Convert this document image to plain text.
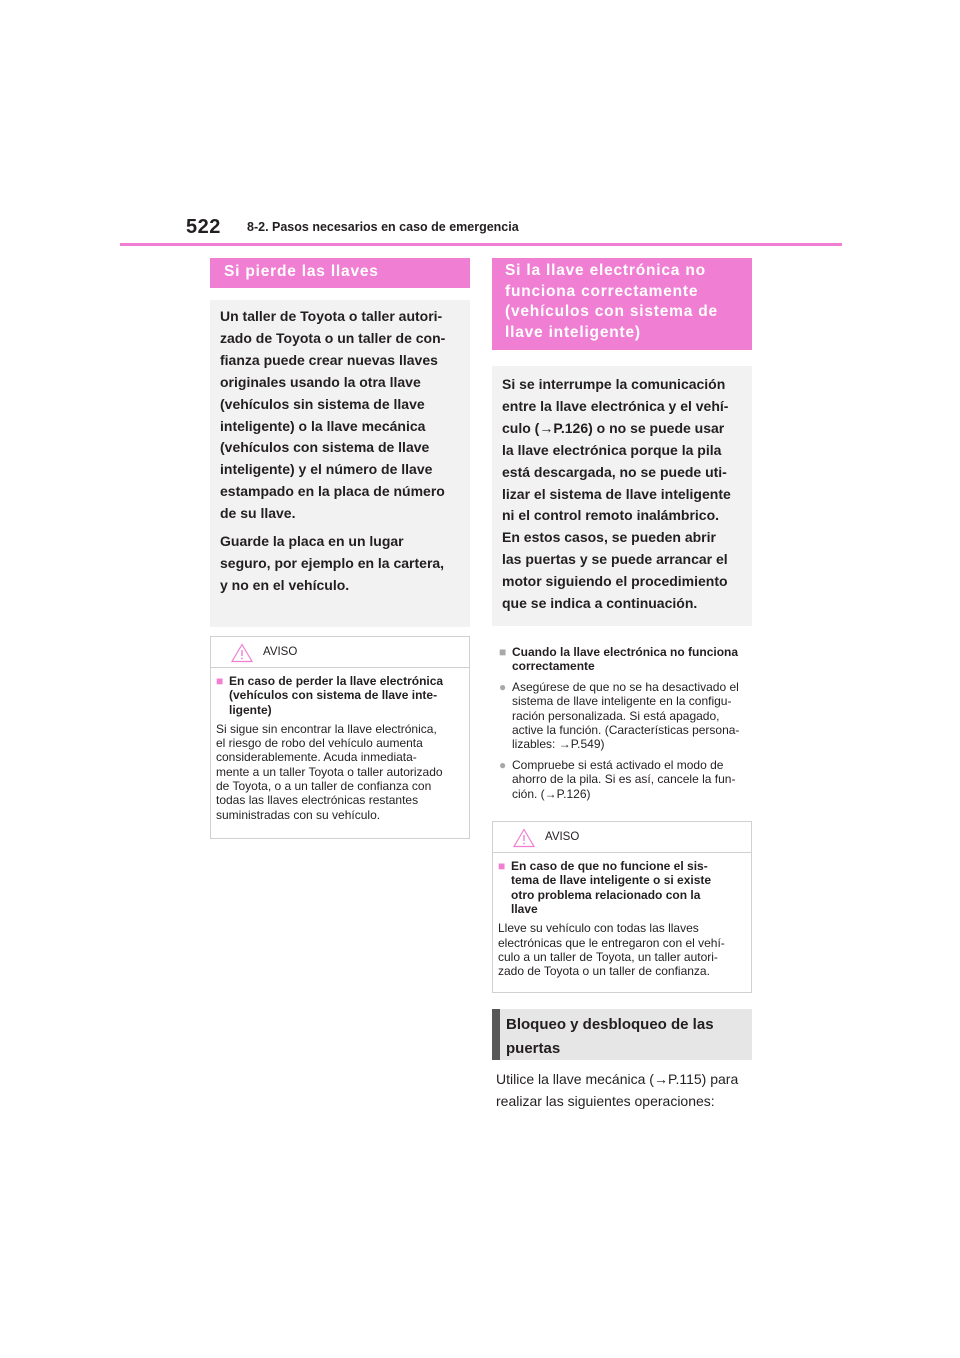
522 8-2. Pasos necesarios en caso de emergencia
Si pierde las llaves

Un taller de Toyota o taller autori-

zado de Toyota o un taller de con-

fianza puede crear nuevas llaves

originales usando la otra llave

(vehículos sin sistema de llave

inteligente) o la llave mecánica

(vehículos con sistema de llave

inteligente) y el número de llave

estampado en la placa de número

de su llave.

Guarde la placa en un lugar

seguro, por ejemplo en la cartera,

y no en el vehículo.

AVISO
■ En caso de perder la llave electrónica
(vehículos con sistema de llave inte-
ligente)
Si sigue sin encontrar la llave electrónica,
el riesgo de robo del vehículo aumenta
considerablemente. Acuda inmediata-
mente a un taller Toyota o taller autorizado
de Toyota, o a un taller de confianza con
todas las llaves electrónicas restantes
suministradas con su vehículo.
Si la llave electrónica no
funciona correctamente
(vehículos con sistema de
llave inteligente)

Si se interrumpe la comunicación

entre la llave electrónica y el vehí-

culo (→P.126) o no se puede usar

la llave electrónica porque la pila

está descargada, no se puede uti-

lizar el sistema de llave inteligente

ni el control remoto inalámbrico.

En estos casos, se pueden abrir

las puertas y se puede arrancar el

motor siguiendo el procedimiento

que se indica a continuación.

■ Cuando la llave electrónica no funciona
correctamente
● Asegúrese de que no se ha desactivado el
sistema de llave inteligente en la configu-
ración personalizada. Si está apagado,
active la función. (Características persona-
lizables: →P.549)
● Compruebe si está activado el modo de
ahorro de la pila. Si es así, cancele la fun-
ción. (→P.126)
AVISO
■ En caso de que no funcione el sis-
tema de llave inteligente o si existe
otro problema relacionado con la
llave
Lleve su vehículo con todas las llaves
electrónicas que le entregaron con el vehí-
culo a un taller de Toyota, un taller autori-
zado de Toyota o un taller de confianza.
Bloqueo y desbloqueo de las
puertas
Utilice la llave mecánica (→P.115) para
realizar las siguientes operaciones:
